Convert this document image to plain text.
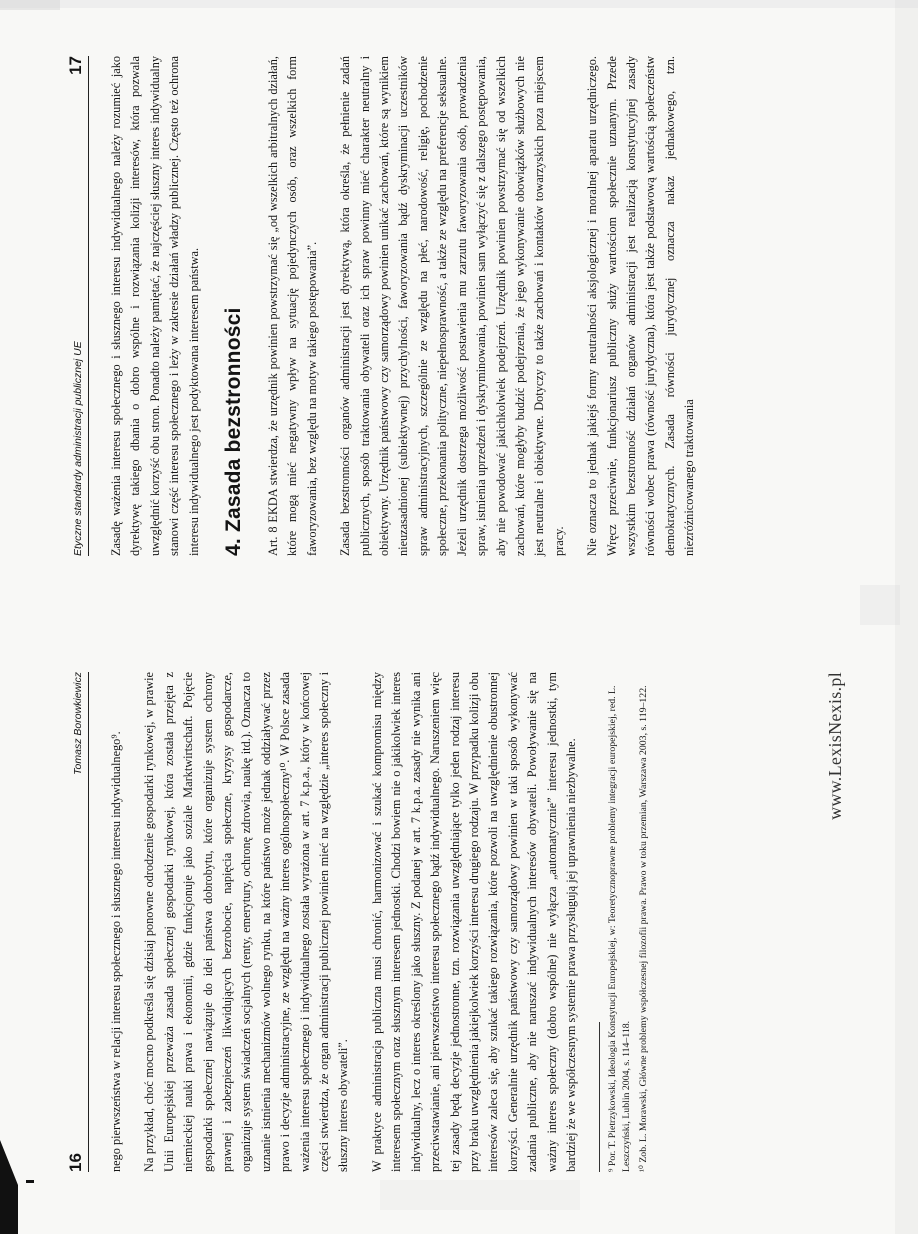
16
Tomasz Borowkiewicz

nego pierwszeństwa w relacji interesu społecznego i słusznego interesu indywidualnego⁹. Na przykład, choć mocno podkreśla się dzisiaj ponowne odrodzenie gospodarki rynkowej, w prawie Unii Europejskiej przeważa zasada społecznej gospodarki rynkowej, która została przejęta z niemieckiej nauki prawa i ekonomii, gdzie funkcjonuje jako soziale Marktwirtschaft. Pojęcie gospodarki społecznej nawiązuje do idei państwa dobrobytu, które organizuje system ochrony prawnej i zabezpieczeń likwidujących bezrobocie, napięcia społeczne, kryzysy gospodarcze, organizuje system świadczeń socjalnych (renty, emerytury, ochronę zdrowia, naukę itd.). Oznacza to uznanie istnienia mechanizmów wolnego rynku, na które państwo może jednak oddziaływać przez prawo i decyzje administracyjne, ze względu na ważny interes ogólnospołeczny¹⁰. W Polsce zasada ważenia interesu społecznego i indywidualnego została wyrażona w art. 7 k.p.a., który w końcowej części stwierdza, że organ administracji publicznej powinien mieć na względzie „interes społeczny i słuszny interes obywateli”. W praktyce administracja publiczna musi chronić, harmonizować i szukać kompromisu między interesem społecznym oraz słusznym interesem jednostki. Chodzi bowiem nie o jakikolwiek interes indywidualny, lecz o interes określony jako słuszny. Z podanej w art. 7 k.p.a. zasady nie wynika ani przeciwstawianie, ani pierwszeństwo interesu społecznego bądź indywidualnego. Naruszeniem więc tej zasady będą decyzje jednostronne, tzn. rozwiązania uwzględniające tylko jeden rodzaj interesu przy braku uwzględnienia jakiejkolwiek korzyści interesu drugiego rodzaju. W przypadku kolizji obu interesów zaleca się, aby szukać takiego rozwiązania, które pozwoli na uwzględnienie obustronnej korzyści. Generalnie urzędnik państwowy czy samorządowy powinien w taki sposób wykonywać zadania publiczne, aby nie naruszać indywidualnych interesów obywateli. Powoływanie się na ważny interes społeczny (dobro wspólne) nie wyłącza „automatycznie” interesu jednostki, tym bardziej że we współczesnym systemie prawa przysługują jej uprawnienia niezbywalne.	⁹ Por. T. Pietrzykowski, Ideologia Konstytucji Europejskiej, w: Teoretycznoprawne problemy integracji europejskiej, red. L. Leszczyński, Lublin 2004, s. 114–118. ¹⁰ Zob. L. Morawski, Główne problemy współczesnej filozofii prawa. Prawo w toku przemian, Warszawa 2003, s. 119–122.	www.LexisNexis.pl
Etyczne standardy administracji publicznej UE
17 Zasadę ważenia interesu społecznego i słusznego interesu indywidualnego należy rozumieć jako dyrektywę takiego dbania o dobro wspólne i rozwiązania kolizji interesów, która pozwala uwzględnić korzyść obu stron. Ponadto należy pamiętać, że najczęściej słuszny interes indywidualny stanowi część interesu społecznego i leży w zakresie działań władzy publicznej. Często też ochrona interesu indywidualnego jest podyktowana interesem państwa. 4. Zasada bezstronności Art. 8 EKDA stwierdza, że urzędnik powinien powstrzymać się „od wszelkich arbitralnych działań, które mogą mieć negatywny wpływ na sytuację pojedynczych osób, oraz wszelkich form faworyzowania, bez względu na motyw takiego postępowania”. Zasada bezstronności organów administracji jest dyrektywą, która określa, że pełnienie zadań publicznych, sposób traktowania obywateli oraz ich spraw powinny mieć charakter neutralny i obiektywny. Urzędnik państwowy czy samorządowy powinien unikać zachowań, które są wynikiem nieuzasadnionej (subiektywnej) przychylności, faworyzowania bądź dyskryminacji uczestników spraw administracyjnych, szczególnie ze względu na płeć, narodowość, religię, pochodzenie społeczne, przekonania polityczne, niepełnosprawność, a także ze względu na preferencje seksualne. Jeżeli urzędnik dostrzega możliwość postawienia mu zarzutu faworyzowania osób, prowadzenia spraw, istnienia uprzedzeń i dyskryminowania, powinien sam wyłączyć się z dalszego postępowania, aby nie powodować jakichkolwiek podejrzeń. Urzędnik powinien powstrzymać się od wszelkich zachowań, które mogłyby budzić podejrzenia, że jego wykonywanie obowiązków służbowych nie jest neutralne i obiektywne. Dotyczy to także zachowań i kontaktów towarzyskich poza miejscem pracy. Nie oznacza to jednak jakiejś formy neutralności aksjologicznej i moralnej aparatu urzędniczego. Wręcz przeciwnie, funkcjonariusz publiczny służy wartościom społecznie uznanym. Przede wszystkim bezstronność działań organów administracji jest realizacją konstytucyjnej zasady równości wobec prawa (równość jurydyczna), która jest także podstawową wartością społeczeństw demokratycznych. Zasada równości jurydycznej oznacza nakaz jednakowego, tzn. niezróżnicowanego traktowania
